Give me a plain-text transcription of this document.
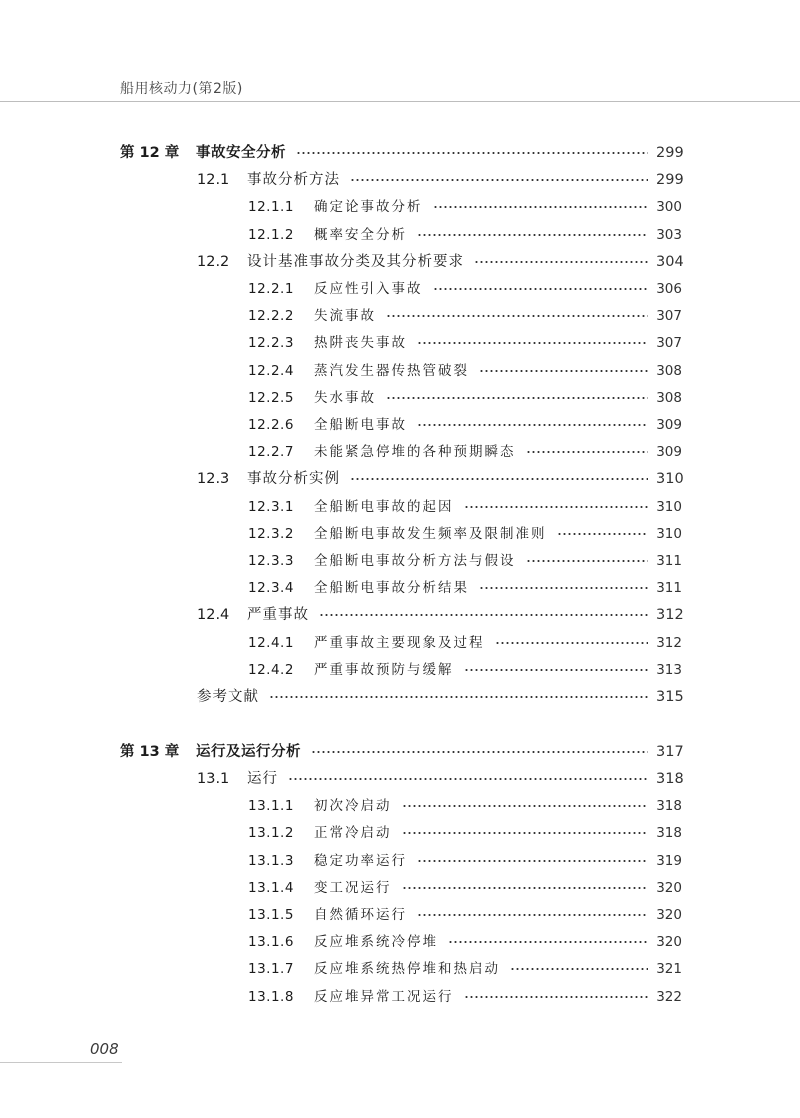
船用核动力(第2版)
第 12 章	事故安全分析	299
12.1	事故分析方法	299
12.1.1	确定论事故分析	300
12.1.2	概率安全分析	303
12.2	设计基准事故分类及其分析要求	304
12.2.1	反应性引入事故	306
12.2.2	失流事故	307
12.2.3	热阱丧失事故	307
12.2.4	蒸汽发生器传热管破裂	308
12.2.5	失水事故	308
12.2.6	全船断电事故	309
12.2.7	未能紧急停堆的各种预期瞬态	309
12.3	事故分析实例	310
12.3.1	全船断电事故的起因	310
12.3.2	全船断电事故发生频率及限制准则	310
12.3.3	全船断电事故分析方法与假设	311
12.3.4	全船断电事故分析结果	311
12.4	严重事故	312
12.4.1	严重事故主要现象及过程	312
12.4.2	严重事故预防与缓解	313
参考文献	315
第 13 章	运行及运行分析	317
13.1	运行	318
13.1.1	初次冷启动	318
13.1.2	正常冷启动	318
13.1.3	稳定功率运行	319
13.1.4	变工况运行	320
13.1.5	自然循环运行	320
13.1.6	反应堆系统冷停堆	320
13.1.7	反应堆系统热停堆和热启动	321
13.1.8	反应堆异常工况运行	322
008
